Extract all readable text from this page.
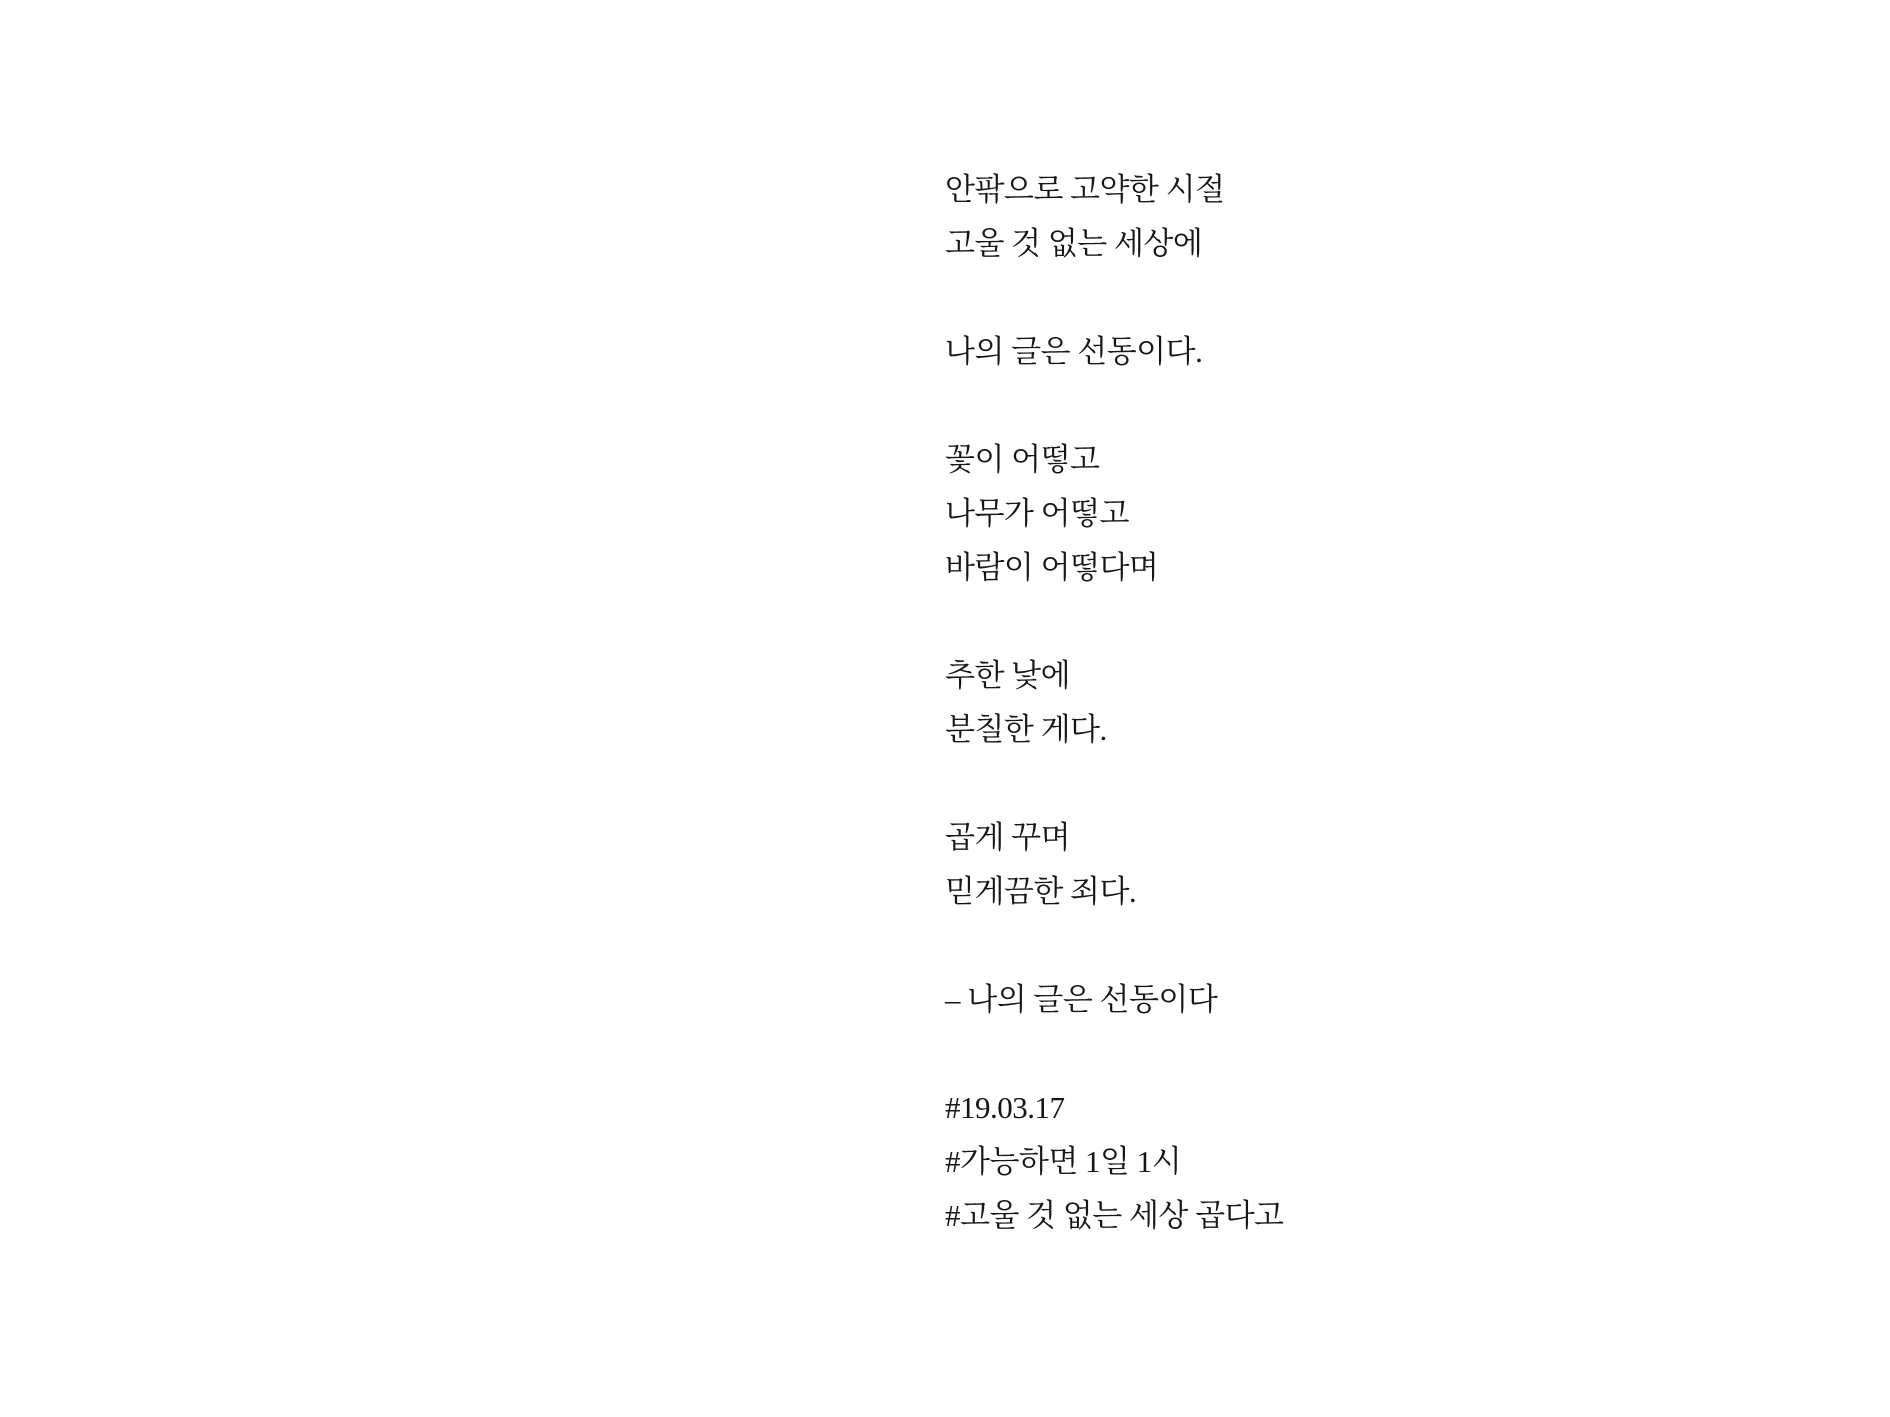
안팎으로 고약한 시절
고울 것 없는 세상에
나의 글은 선동이다.
꽃이 어떻고
나무가 어떻고
바람이 어떻다며
추한 낯에
분칠한 게다.
곱게 꾸며
믿게끔한 죄다.
– 나의 글은 선동이다
#19.03.17
#가능하면 1일 1시
#고울 것 없는 세상 곱다고
